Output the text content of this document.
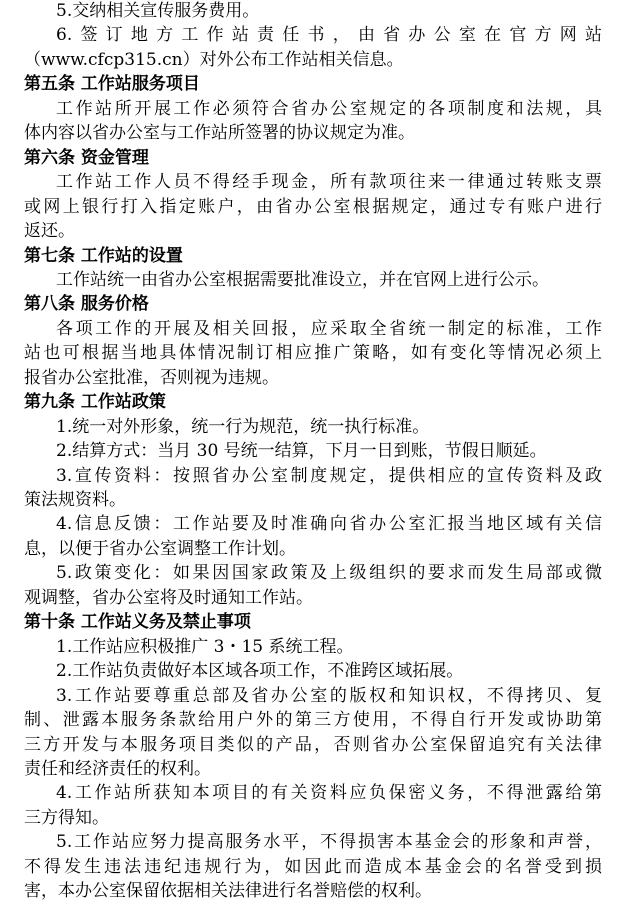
5.交纳相关宣传服务费用。
6.签订地方工作站责任书，由省办公室在官方网站
（www.cfcp315.cn）对外公布工作站相关信息。
第五条 工作站服务项目
工作站所开展工作必须符合省办公室规定的各项制度和法规，具
体内容以省办公室与工作站所签署的协议规定为准。
第六条 资金管理
工作站工作人员不得经手现金，所有款项往来一律通过转账支票
或网上银行打入指定账户，由省办公室根据规定，通过专有账户进行
返还。
第七条 工作站的设置
工作站统一由省办公室根据需要批准设立，并在官网上进行公示。
第八条 服务价格
各项工作的开展及相关回报，应采取全省统一制定的标准，工作
站也可根据当地具体情况制订相应推广策略，如有变化等情况必须上
报省办公室批准，否则视为违规。
第九条 工作站政策
1.统一对外形象，统一行为规范，统一执行标准。
2.结算方式：当月 30 号统一结算，下月一日到账，节假日顺延。
3.宣传资料：按照省办公室制度规定，提供相应的宣传资料及政
策法规资料。
4.信息反馈：工作站要及时准确向省办公室汇报当地区域有关信
息，以便于省办公室调整工作计划。
5.政策变化：如果因国家政策及上级组织的要求而发生局部或微
观调整，省办公室将及时通知工作站。
第十条 工作站义务及禁止事项
1.工作站应积极推广 3・15 系统工程。
2.工作站负责做好本区域各项工作，不准跨区域拓展。
3.工作站要尊重总部及省办公室的版权和知识权，不得拷贝、复
制、泄露本服务条款给用户外的第三方使用，不得自行开发或协助第
三方开发与本服务项目类似的产品，否则省办公室保留追究有关法律
责任和经济责任的权利。
4.工作站所获知本项目的有关资料应负保密义务，不得泄露给第
三方得知。
5.工作站应努力提高服务水平，不得损害本基金会的形象和声誉，
不得发生违法违纪违规行为，如因此而造成本基金会的名誉受到损
害，本办公室保留依据相关法律进行名誉赔偿的权利。
